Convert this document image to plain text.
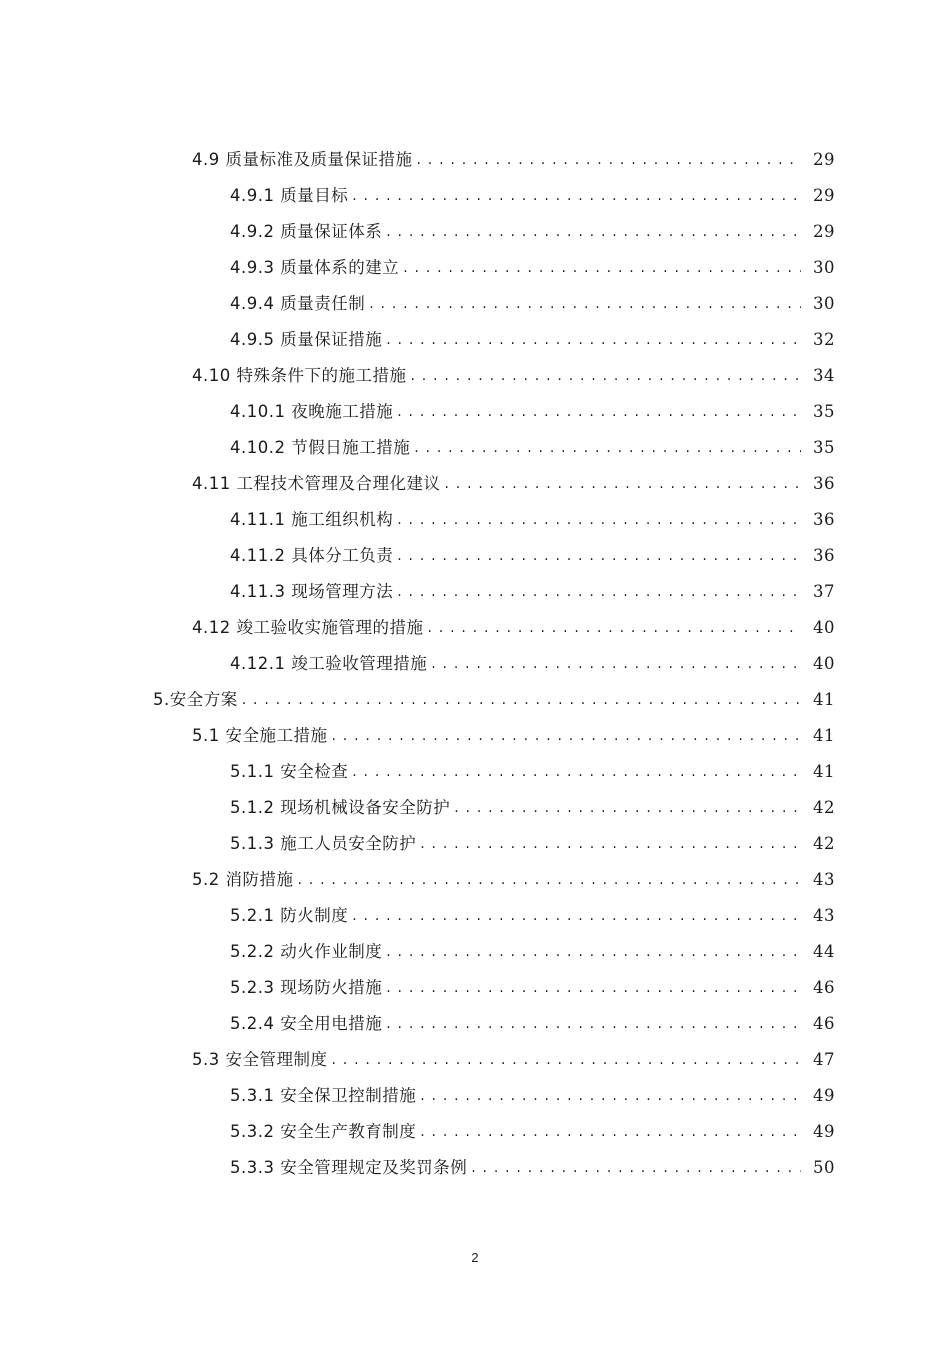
4.9 质量标准及质量保证措施 . . .	29
4.9.1 质量目标 . . .	29
4.9.2 质量保证体系 . . .	29
4.9.3 质量体系的建立 . . .	30
4.9.4 质量责任制 . . .	30
4.9.5 质量保证措施 . . .	32
4.10 特殊条件下的施工措施 . . .	34
4.10.1 夜晚施工措施 . . .	35
4.10.2 节假日施工措施 . . .	35
4.11 工程技术管理及合理化建议 . . .	36
4.11.1 施工组织机构 . . .	36
4.11.2 具体分工负责 . . .	36
4.11.3 现场管理方法 . . .	37
4.12 竣工验收实施管理的措施 . . .	40
4.12.1 竣工验收管理措施 . . .	40
5.安全方案 . . .	41
5.1 安全施工措施 . . .	41
5.1.1 安全检查 . . .	41
5.1.2 现场机械设备安全防护 . . .	42
5.1.3 施工人员安全防护 . . .	42
5.2 消防措施 . . .	43
5.2.1 防火制度 . . .	43
5.2.2 动火作业制度 . . .	44
5.2.3 现场防火措施 . . .	46
5.2.4 安全用电措施 . . .	46
5.3 安全管理制度 . . .	47
5.3.1 安全保卫控制措施 . . .	49
5.3.2 安全生产教育制度 . . .	49
5.3.3 安全管理规定及奖罚条例 . . .	50
2
